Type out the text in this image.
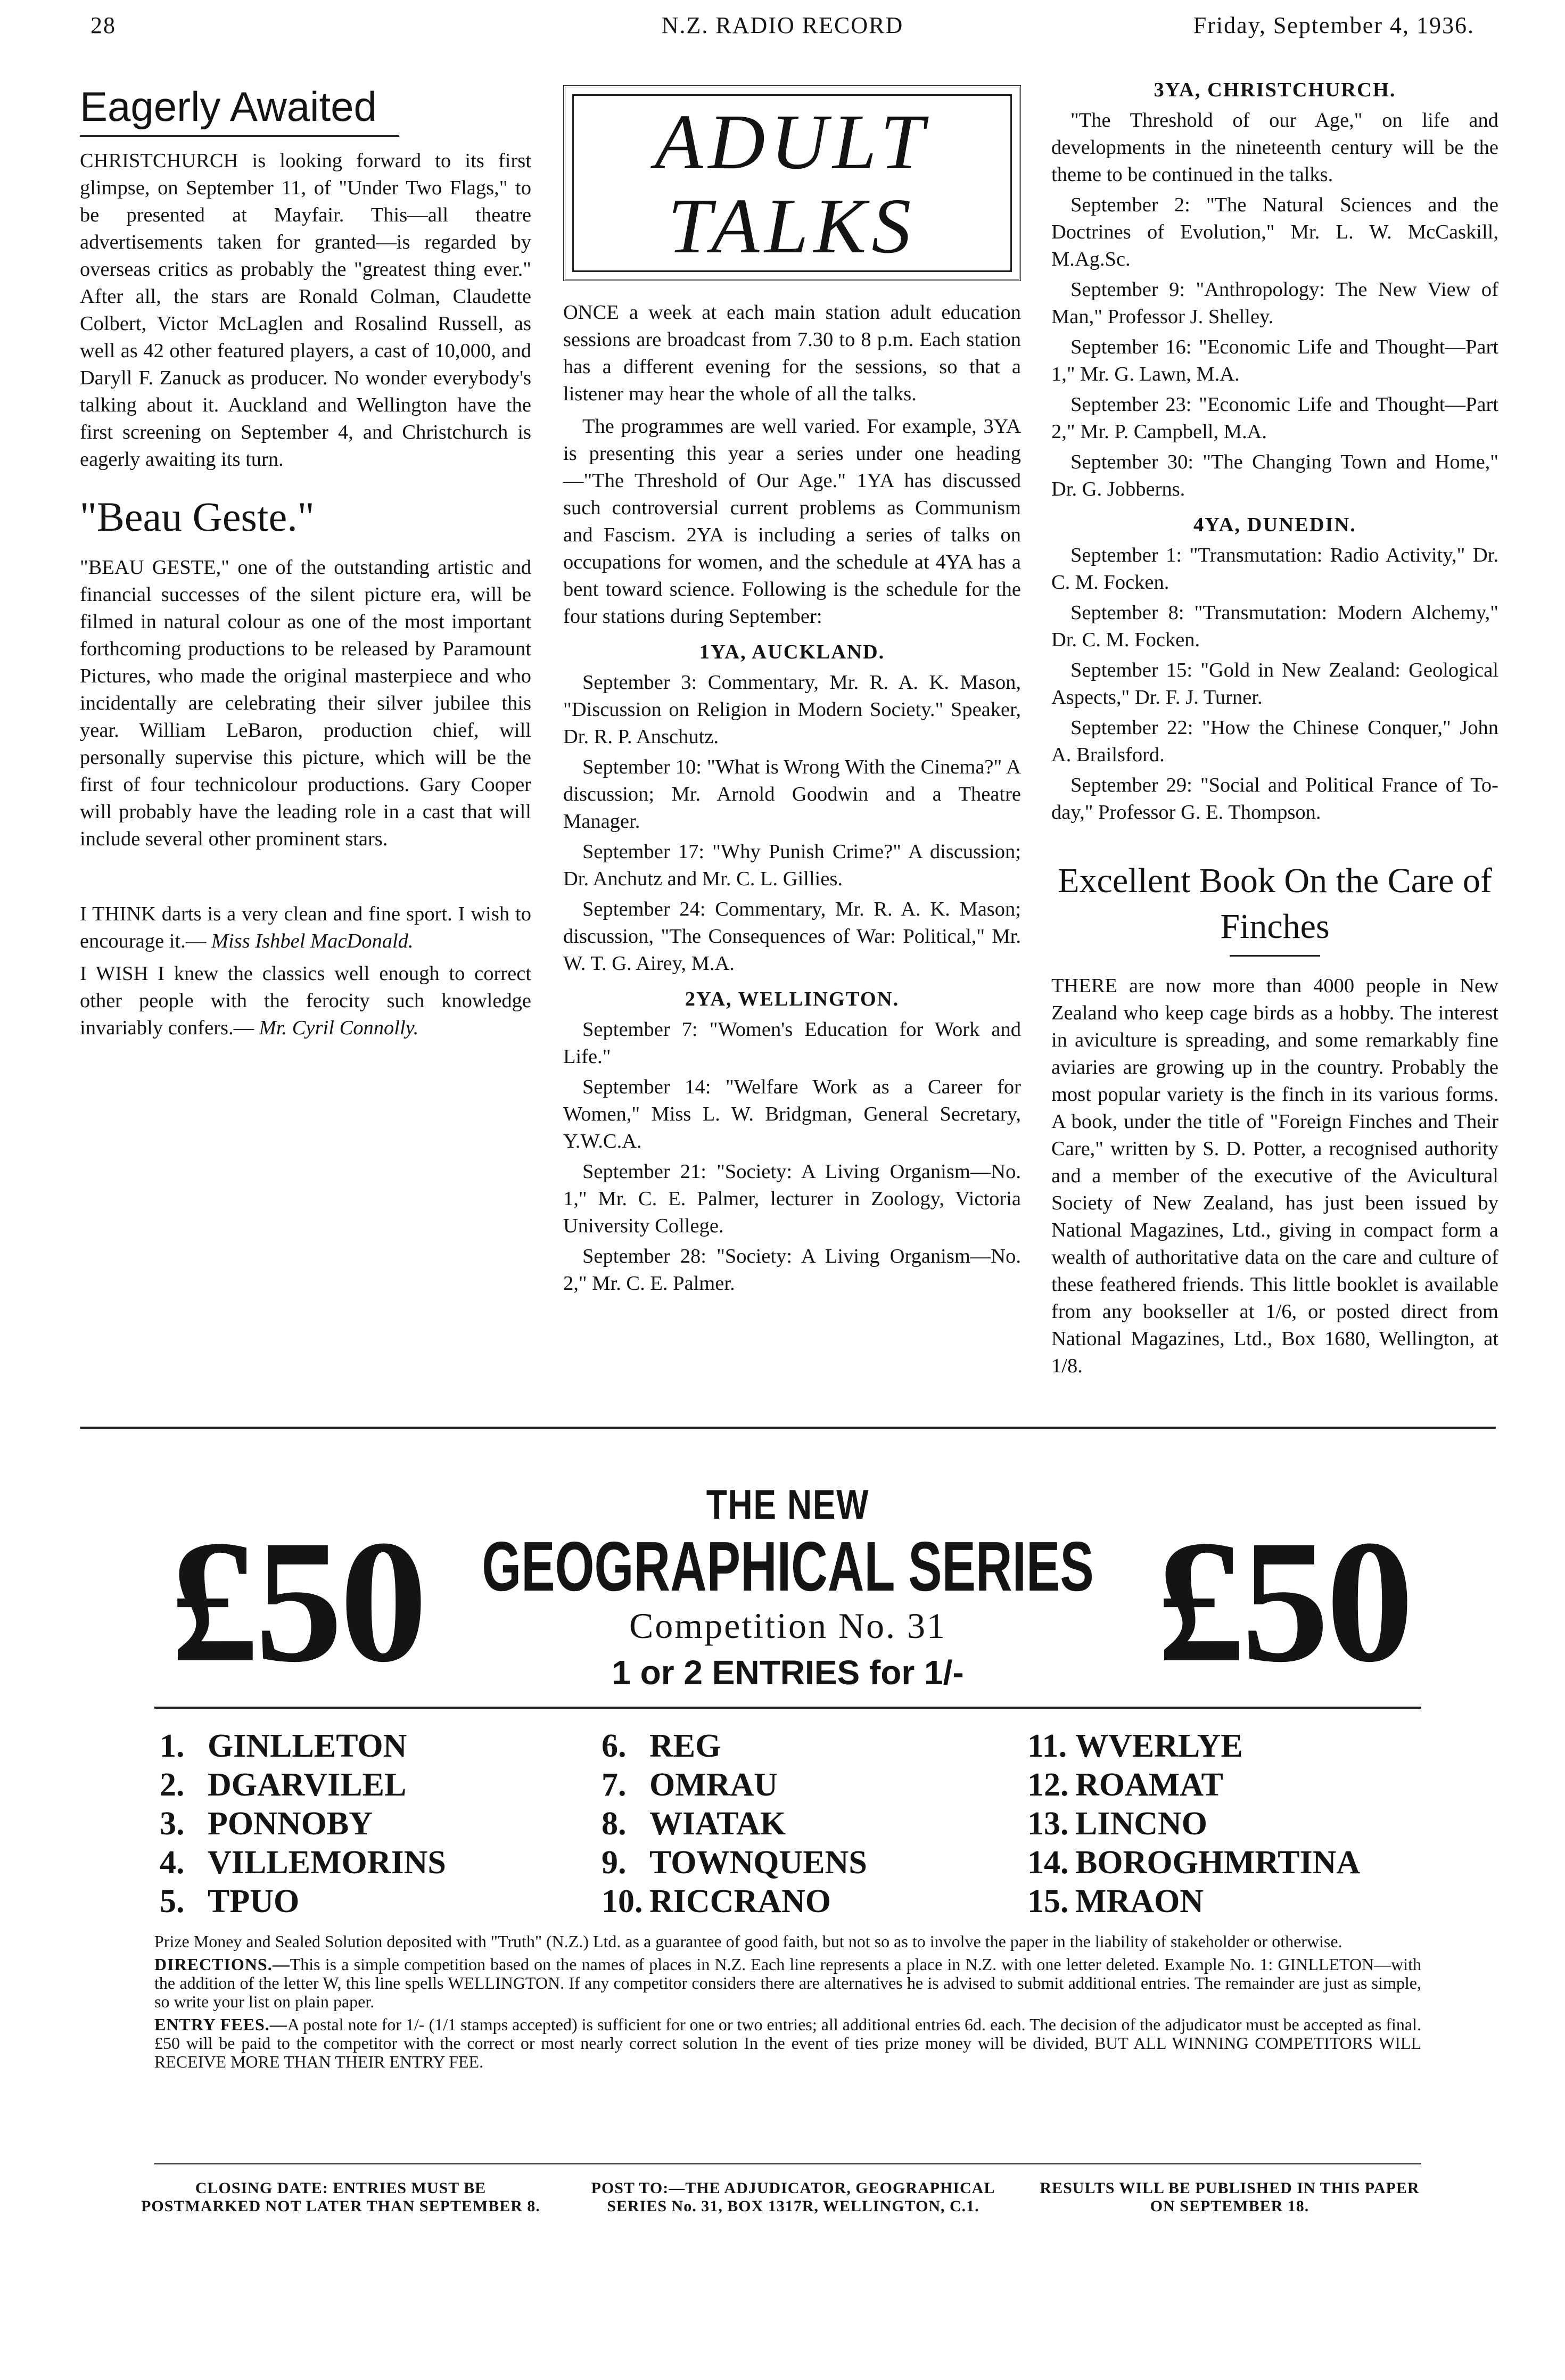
28	N.Z. RADIO RECORD	Friday, September 4, 1936.
Eagerly Awaited

CHRISTCHURCH is looking forward to its first glimpse, on September 11, of "Under Two Flags," to be presented at Mayfair. This—all theatre advertisements taken for granted—is regarded by overseas critics as probably the "greatest thing ever." After all, the stars are Ronald Colman, Claudette Colbert, Victor McLaglen and Rosalind Russell, as well as 42 other featured players, a cast of 10,000, and Daryll F. Zanuck as producer. No wonder everybody's talking about it. Auckland and Wellington have the first screening on September 4, and Christchurch is eagerly awaiting its turn.

"Beau Geste."

"BEAU GESTE," one of the outstanding artistic and financial successes of the silent picture era, will be filmed in natural colour as one of the most important forthcoming productions to be released by Paramount Pictures, who made the original masterpiece and who incidentally are celebrating their silver jubilee this year. William LeBaron, production chief, will personally supervise this picture, which will be the first of four technicolour productions. Gary Cooper will probably have the leading role in a cast that will include several other prominent stars.

I THINK darts is a very clean and fine sport. I wish to encourage it.— Miss Ishbel MacDonald.

I WISH I knew the classics well enough to correct other people with the ferocity such knowledge invariably confers.— Mr. Cyril Connolly.

ADULT
TALKS

ONCE a week at each main station adult education sessions are broadcast from 7.30 to 8 p.m. Each station has a different evening for the sessions, so that a listener may hear the whole of all the talks.

The programmes are well varied. For example, 3YA is presenting this year a series under one heading—"The Threshold of Our Age." 1YA has discussed such controversial current problems as Communism and Fascism. 2YA is including a series of talks on occupations for women, and the schedule at 4YA has a bent toward science. Following is the schedule for the four stations during September:

1YA, AUCKLAND.

September 3: Commentary, Mr. R. A. K. Mason, "Discussion on Religion in Modern Society." Speaker, Dr. R. P. Anschutz.

September 10: "What is Wrong With the Cinema?" A discussion; Mr. Arnold Goodwin and a Theatre Manager.

September 17: "Why Punish Crime?" A discussion; Dr. Anchutz and Mr. C. L. Gillies.

September 24: Commentary, Mr. R. A. K. Mason; discussion, "The Consequences of War: Political," Mr. W. T. G. Airey, M.A.

2YA, WELLINGTON.

September 7: "Women's Education for Work and Life."

September 14: "Welfare Work as a Career for Women," Miss L. W. Bridgman, General Secretary, Y.W.C.A.

September 21: "Society: A Living Organism—No. 1," Mr. C. E. Palmer, lecturer in Zoology, Victoria University College.

September 28: "Society: A Living Organism—No. 2," Mr. C. E. Palmer.

3YA, CHRISTCHURCH.

"The Threshold of our Age," on life and developments in the nineteenth century will be the theme to be continued in the talks.

September 2: "The Natural Sciences and the Doctrines of Evolution," Mr. L. W. McCaskill, M.Ag.Sc.

September 9: "Anthropology: The New View of Man," Professor J. Shelley.

September 16: "Economic Life and Thought—Part 1," Mr. G. Lawn, M.A.

September 23: "Economic Life and Thought—Part 2," Mr. P. Campbell, M.A.

September 30: "The Changing Town and Home," Dr. G. Jobberns.

4YA, DUNEDIN.

September 1: "Transmutation: Radio Activity," Dr. C. M. Focken.

September 8: "Transmutation: Modern Alchemy," Dr. C. M. Focken.

September 15: "Gold in New Zealand: Geological Aspects," Dr. F. J. Turner.

September 22: "How the Chinese Conquer," John A. Brailsford.

September 29: "Social and Political France of To-day," Professor G. E. Thompson.

Excellent Book On the Care of Finches

THERE are now more than 4000 people in New Zealand who keep cage birds as a hobby. The interest in aviculture is spreading, and some remarkably fine aviaries are growing up in the country. Probably the most popular variety is the finch in its various forms. A book, under the title of "Foreign Finches and Their Care," written by S. D. Potter, a recognised authority and a member of the executive of the Avicultural Society of New Zealand, has just been issued by National Magazines, Ltd., giving in compact form a wealth of authoritative data on the care and culture of these feathered friends. This little booklet is available from any bookseller at 1/6, or posted direct from National Magazines, Ltd., Box 1680, Wellington, at 1/8.

£50	£50
THE NEW
GEOGRAPHICAL SERIES
Competition No. 31
1 or 2 ENTRIES for 1/-
1. GINLLETON
2. DGARVILEL
3. PONNOBY
4. VILLEMORINS
5. TPUO
6. REG
7. OMRAU
8. WIATAK
9. TOWNQUENS
10. RICCRANO
11. WVERLYE
12. ROAMAT
13. LINCNO
14. BOROGHMRTINA
15. MRAON

Prize Money and Sealed Solution deposited with "Truth" (N.Z.) Ltd. as a guarantee of good faith, but not so as to involve the paper in the liability of stakeholder or otherwise.

DIRECTIONS.—This is a simple competition based on the names of places in N.Z. Each line represents a place in N.Z. with one letter deleted. Example No. 1: GINLLETON—with the addition of the letter W, this line spells WELLINGTON. If any competitor considers there are alternatives he is advised to submit additional entries. The remainder are just as simple, so write your list on plain paper.

ENTRY FEES.—A postal note for 1/- (1/1 stamps accepted) is sufficient for one or two entries; all additional entries 6d. each. The decision of the adjudicator must be accepted as final. £50 will be paid to the competitor with the correct or most nearly correct solution In the event of ties prize money will be divided, BUT ALL WINNING COMPETITORS WILL RECEIVE MORE THAN THEIR ENTRY FEE.

CLOSING DATE: ENTRIES MUST BE POSTMARKED NOT LATER THAN SEPTEMBER 8.
POST TO:—THE ADJUDICATOR, GEOGRAPHICAL SERIES No. 31, BOX 1317R, WELLINGTON, C.1.
RESULTS WILL BE PUBLISHED IN THIS PAPER ON SEPTEMBER 18.
